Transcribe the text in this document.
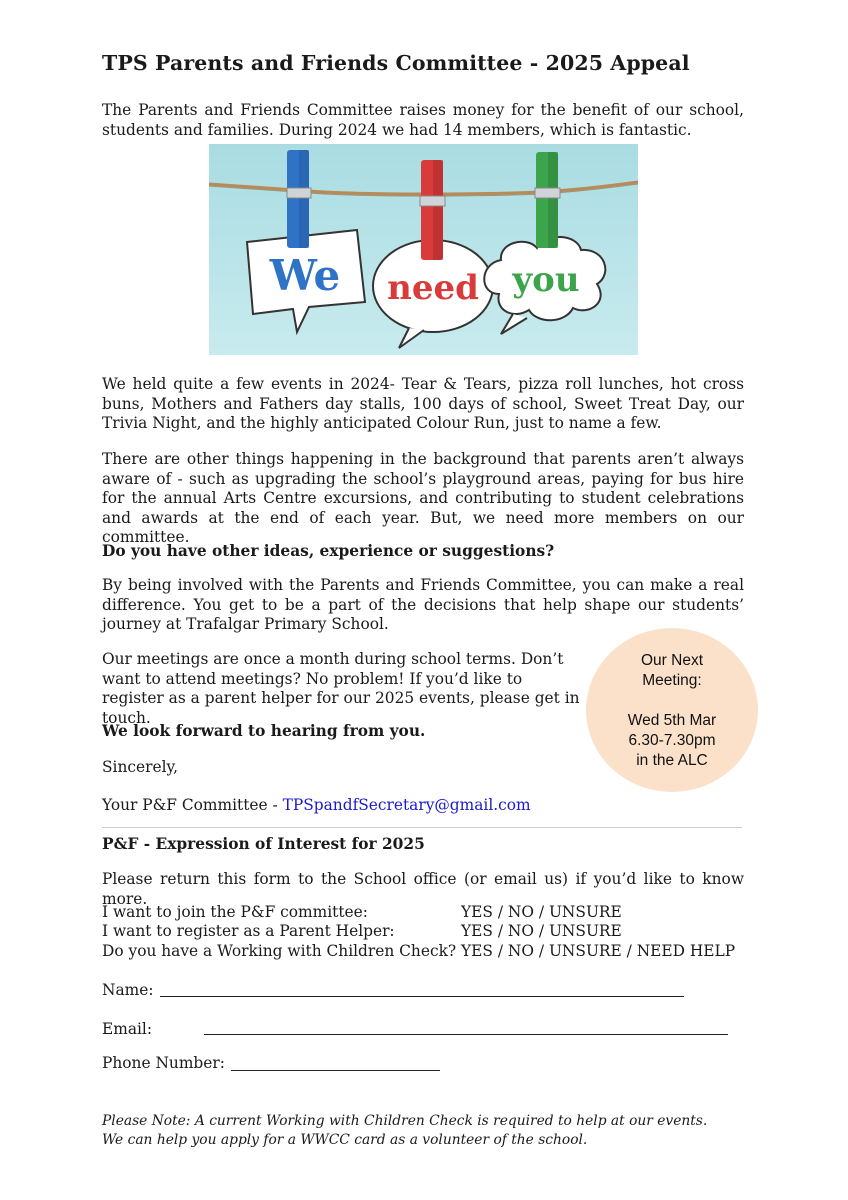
TPS Parents and Friends Committee - 2025 Appeal
The Parents and Friends Committee raises money for the benefit of our school, students and families. During 2024 we had 14 members, which is fantastic.
We need you
We held quite a few events in 2024- Tear & Tears, pizza roll lunches, hot cross buns, Mothers and Fathers day stalls, 100 days of school, Sweet Treat Day, our Trivia Night, and the highly anticipated Colour Run, just to name a few.
There are other things happening in the background that parents aren’t always aware of - such as upgrading the school’s playground areas, paying for bus hire for the annual Arts Centre excursions, and contributing to student celebrations and awards at the end of each year. But, we need more members on our committee.
Do you have other ideas, experience or suggestions?
By being involved with the Parents and Friends Committee, you can make a real difference. You get to be a part of the decisions that help shape our students’ journey at Trafalgar Primary School.
Our meetings are once a month during school terms. Don’t want to attend meetings? No problem! If you’d like to register as a parent helper for our 2025 events, please get in touch.
We look forward to hearing from you.
Sincerely,
Your P&F Committee - TPSpandfSecretary@gmail.com
Our Next
Meeting:
Wed 5th Mar
6.30-7.30pm
in the ALC
P&F - Expression of Interest for 2025
Please return this form to the School office (or email us) if you’d like to know more.
I want to join the P&F committee:	YES / NO / UNSURE
I want to register as a Parent Helper:	YES / NO / UNSURE
Do you have a Working with Children Check? YES / NO / UNSURE / NEED HELP
Name:
Email:
Phone Number:
Please Note: A current Working with Children Check is required to help at our events.
We can help you apply for a WWCC card as a volunteer of the school.
